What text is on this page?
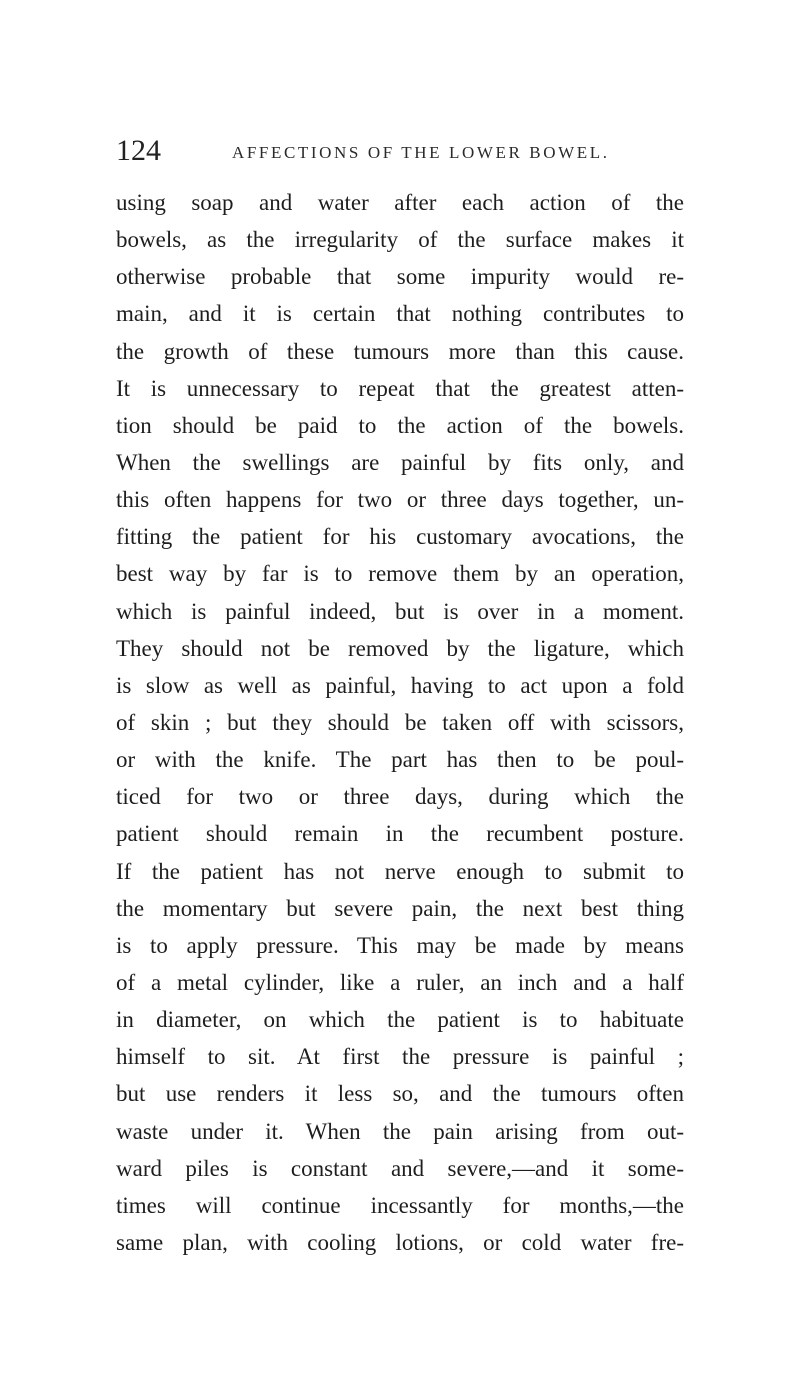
124	AFFECTIONS OF THE LOWER BOWEL.
using soap and water after each action of the
bowels, as the irregularity of the surface makes it
otherwise probable that some impurity would re-
main, and it is certain that nothing contributes to
the growth of these tumours more than this cause.
It is unnecessary to repeat that the greatest atten-
tion should be paid to the action of the bowels.
When the swellings are painful by fits only, and
this often happens for two or three days together, un-
fitting the patient for his customary avocations, the
best way by far is to remove them by an operation,
which is painful indeed, but is over in a moment.
They should not be removed by the ligature, which
is slow as well as painful, having to act upon a fold
of skin ; but they should be taken off with scissors,
or with the knife. The part has then to be poul-
ticed for two or three days, during which the
patient should remain in the recumbent posture.
If the patient has not nerve enough to submit to
the momentary but severe pain, the next best thing
is to apply pressure. This may be made by means
of a metal cylinder, like a ruler, an inch and a half
in diameter, on which the patient is to habituate
himself to sit. At first the pressure is painful ;
but use renders it less so, and the tumours often
waste under it. When the pain arising from out-
ward piles is constant and severe,—and it some-
times will continue incessantly for months,—the
same plan, with cooling lotions, or cold water fre-
